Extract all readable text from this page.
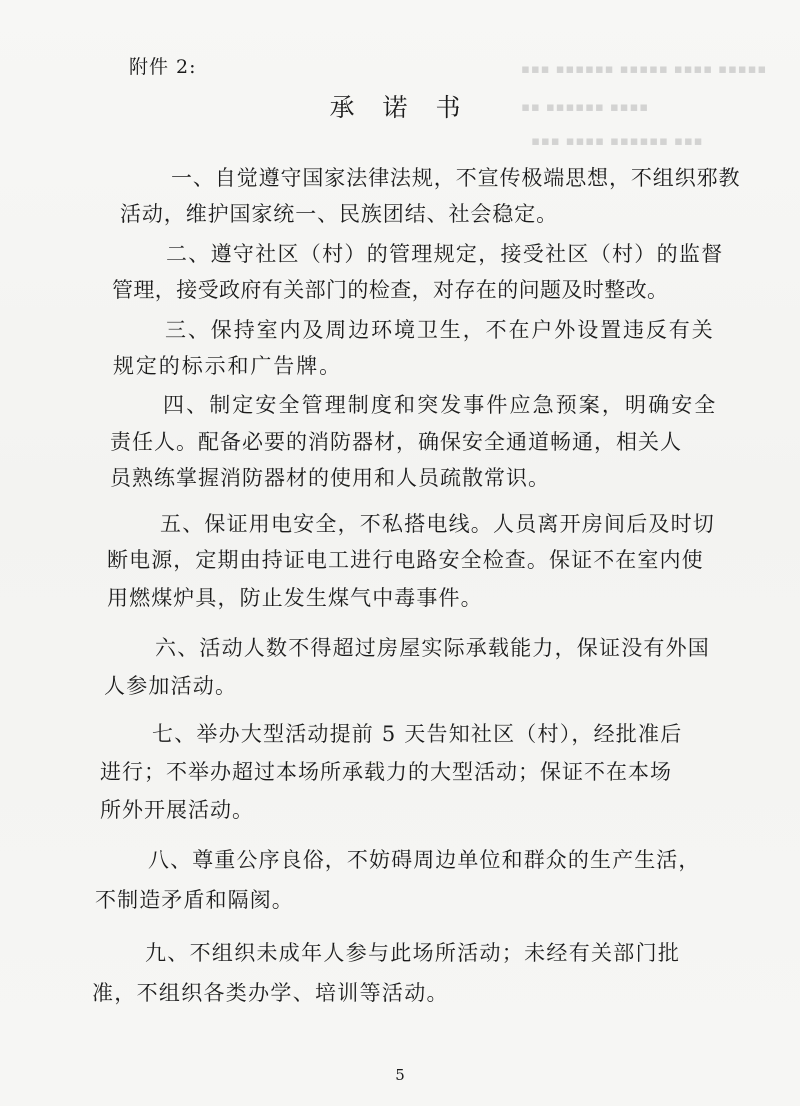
▪▪▪▪▪ ▪▪▪▪ ▪▪▪▪▪ ▪▪▪▪▪▪ ▪▪▪
▪▪▪▪ ▪▪▪▪▪▪ ▪▪
▪▪▪ ▪▪▪▪▪▪ ▪▪▪▪ ▪▪▪
附件 2:
承 诺 书
一、自觉遵守国家法律法规，不宣传极端思想，不组织邪教
活动，维护国家统一、民族团结、社会稳定。
二、遵守社区（村）的管理规定，接受社区（村）的监督
管理，接受政府有关部门的检查，对存在的问题及时整改。
三、保持室内及周边环境卫生，不在户外设置违反有关
规定的标示和广告牌。
四、制定安全管理制度和突发事件应急预案，明确安全
责任人。配备必要的消防器材，确保安全通道畅通，相关人
员熟练掌握消防器材的使用和人员疏散常识。
五、保证用电安全，不私搭电线。人员离开房间后及时切
断电源，定期由持证电工进行电路安全检查。保证不在室内使
用燃煤炉具，防止发生煤气中毒事件。
六、活动人数不得超过房屋实际承载能力，保证没有外国
人参加活动。
七、举办大型活动提前 5 天告知社区（村），经批准后
进行；不举办超过本场所承载力的大型活动；保证不在本场
所外开展活动。
八、尊重公序良俗，不妨碍周边单位和群众的生产生活，
不制造矛盾和隔阂。
九、不组织未成年人参与此场所活动；未经有关部门批
准，不组织各类办学、培训等活动。
5
